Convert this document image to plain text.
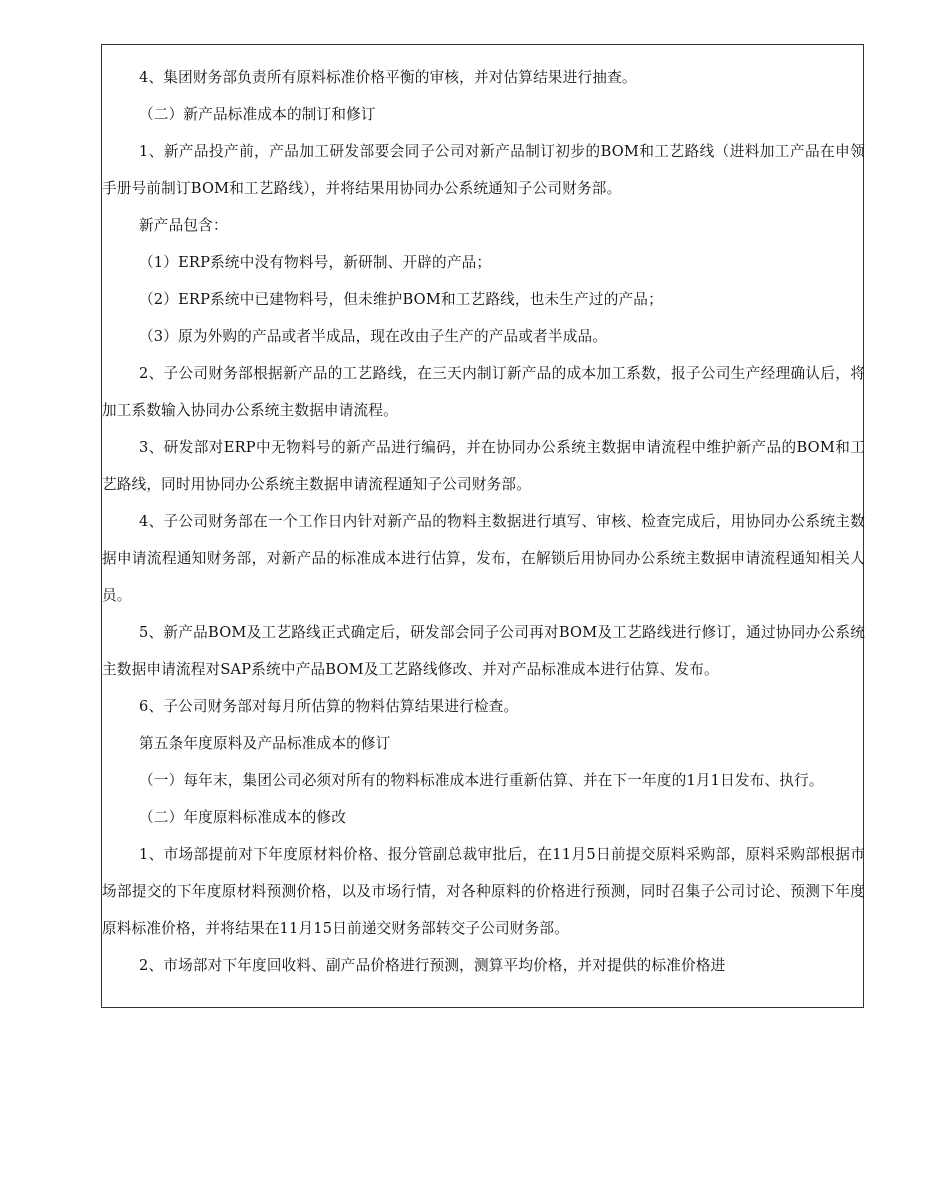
4、集团财务部负责所有原料标准价格平衡的审核，并对估算结果进行抽查。

（二）新产品标准成本的制订和修订

1、新产品投产前，产品加工研发部要会同子公司对新产品制订初步的BOM和工艺路线（进料加工产品在申领手册号前制订BOM和工艺路线），并将结果用协同办公系统通知子公司财务部。

新产品包含：

（1）ERP系统中没有物料号，新研制、开辟的产品；

（2）ERP系统中已建物料号，但未维护BOM和工艺路线，也未生产过的产品；

（3）原为外购的产品或者半成品，现在改由子生产的产品或者半成品。

2、子公司财务部根据新产品的工艺路线，在三天内制订新产品的成本加工系数，报子公司生产经理确认后，将加工系数输入协同办公系统主数据申请流程。

3、研发部对ERP中无物料号的新产品进行编码，并在协同办公系统主数据申请流程中维护新产品的BOM和工艺路线，同时用协同办公系统主数据申请流程通知子公司财务部。

4、子公司财务部在一个工作日内针对新产品的物料主数据进行填写、审核、检查完成后，用协同办公系统主数据申请流程通知财务部，对新产品的标准成本进行估算，发布，在解锁后用协同办公系统主数据申请流程通知相关人员。

5、新产品BOM及工艺路线正式确定后，研发部会同子公司再对BOM及工艺路线进行修订，通过协同办公系统主数据申请流程对SAP系统中产品BOM及工艺路线修改、并对产品标准成本进行估算、发布。

6、子公司财务部对每月所估算的物料估算结果进行检查。

第五条年度原料及产品标准成本的修订

（一）每年末，集团公司必须对所有的物料标准成本进行重新估算、并在下一年度的1月1日发布、执行。

（二）年度原料标准成本的修改

1、市场部提前对下年度原材料价格、报分管副总裁审批后，在11月5日前提交原料采购部，原料采购部根据市场部提交的下年度原材料预测价格，以及市场行情，对各种原料的价格进行预测，同时召集子公司讨论、预测下年度原料标准价格，并将结果在11月15日前递交财务部转交子公司财务部。

2、市场部对下年度回收料、副产品价格进行预测，测算平均价格，并对提供的标准价格进
